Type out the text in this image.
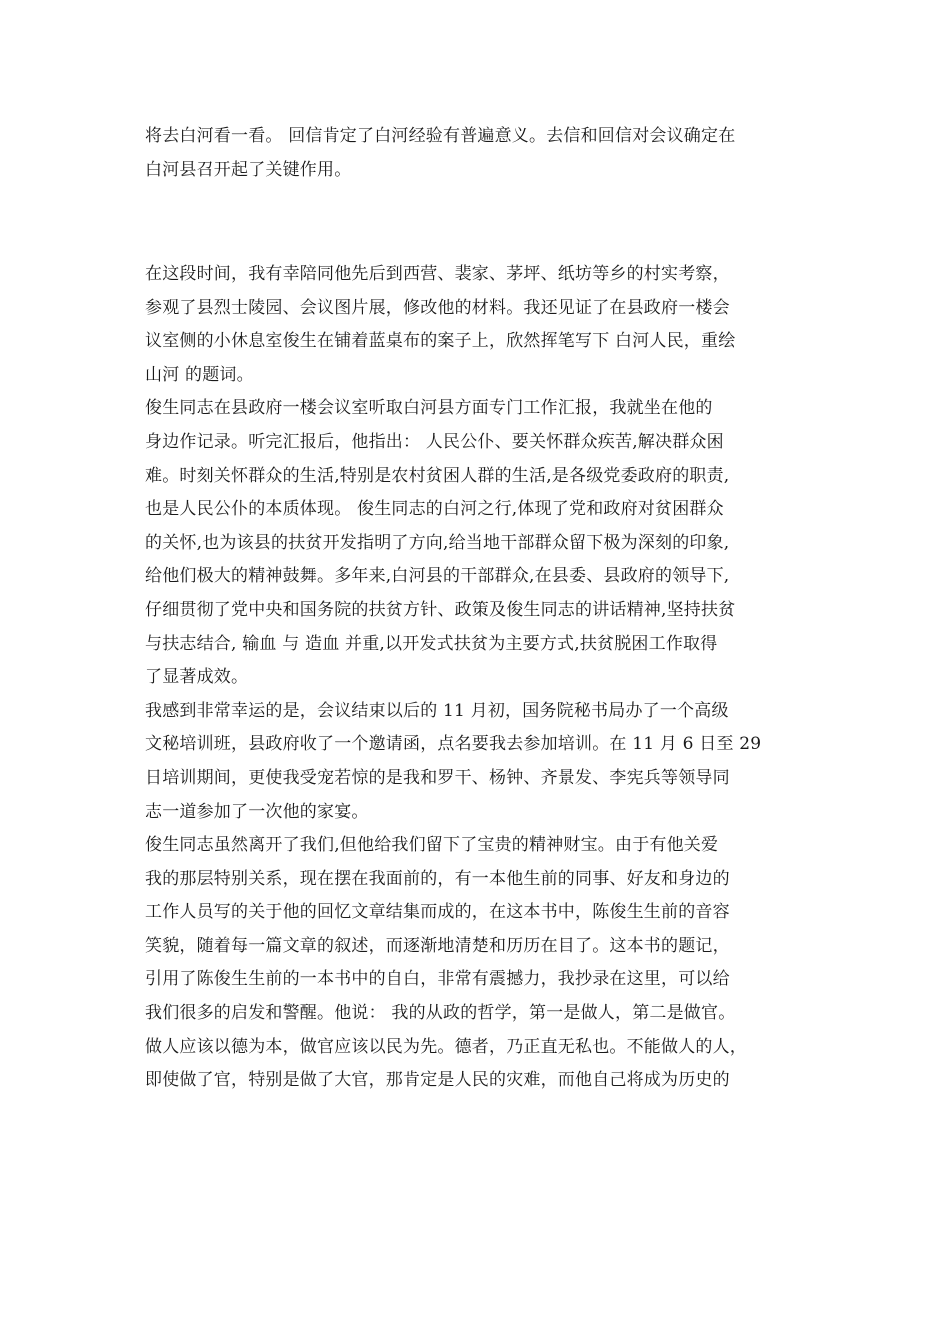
将去白河看一看。 回信肯定了白河经验有普遍意义。去信和回信对会议确定在
白河县召开起了关键作用。
在这段时间，我有幸陪同他先后到西营、裴家、茅坪、纸坊等乡的村实考察，
参观了县烈士陵园、会议图片展，修改他的材料。我还见证了在县政府一楼会
议室侧的小休息室俊生在铺着蓝桌布的案子上，欣然挥笔写下 白河人民，重绘
山河 的题词。
俊生同志在县政府一楼会议室听取白河县方面专门工作汇报，我就坐在他的
身边作记录。听完汇报后，他指出： 人民公仆、要关怀群众疾苦,解决群众困
难。时刻关怀群众的生活,特别是农村贫困人群的生活,是各级党委政府的职责,
也是人民公仆的本质体现。 俊生同志的白河之行,体现了党和政府对贫困群众
的关怀,也为该县的扶贫开发指明了方向,给当地干部群众留下极为深刻的印象,
给他们极大的精神鼓舞。多年来,白河县的干部群众,在县委、县政府的领导下,
仔细贯彻了党中央和国务院的扶贫方针、政策及俊生同志的讲话精神,坚持扶贫
与扶志结合, 输血 与 造血 并重,以开发式扶贫为主要方式,扶贫脱困工作取得
了显著成效。
我感到非常幸运的是，会议结束以后的 11 月初，国务院秘书局办了一个高级
文秘培训班，县政府收了一个邀请函，点名要我去参加培训。在 11 月 6 日至 29
日培训期间，更使我受宠若惊的是我和罗干、杨钟、齐景发、李宪兵等领导同
志一道参加了一次他的家宴。
俊生同志虽然离开了我们,但他给我们留下了宝贵的精神财宝。由于有他关爱
我的那层特别关系，现在摆在我面前的，有一本他生前的同事、好友和身边的
工作人员写的关于他的回忆文章结集而成的，在这本书中，陈俊生生前的音容
笑貌，随着每一篇文章的叙述，而逐渐地清楚和历历在目了。这本书的题记，
引用了陈俊生生前的一本书中的自白，非常有震撼力，我抄录在这里，可以给
我们很多的启发和警醒。他说： 我的从政的哲学，第一是做人，第二是做官。
做人应该以德为本，做官应该以民为先。德者，乃正直无私也。不能做人的人，
即使做了官，特别是做了大官，那肯定是人民的灾难，而他自己将成为历史的
